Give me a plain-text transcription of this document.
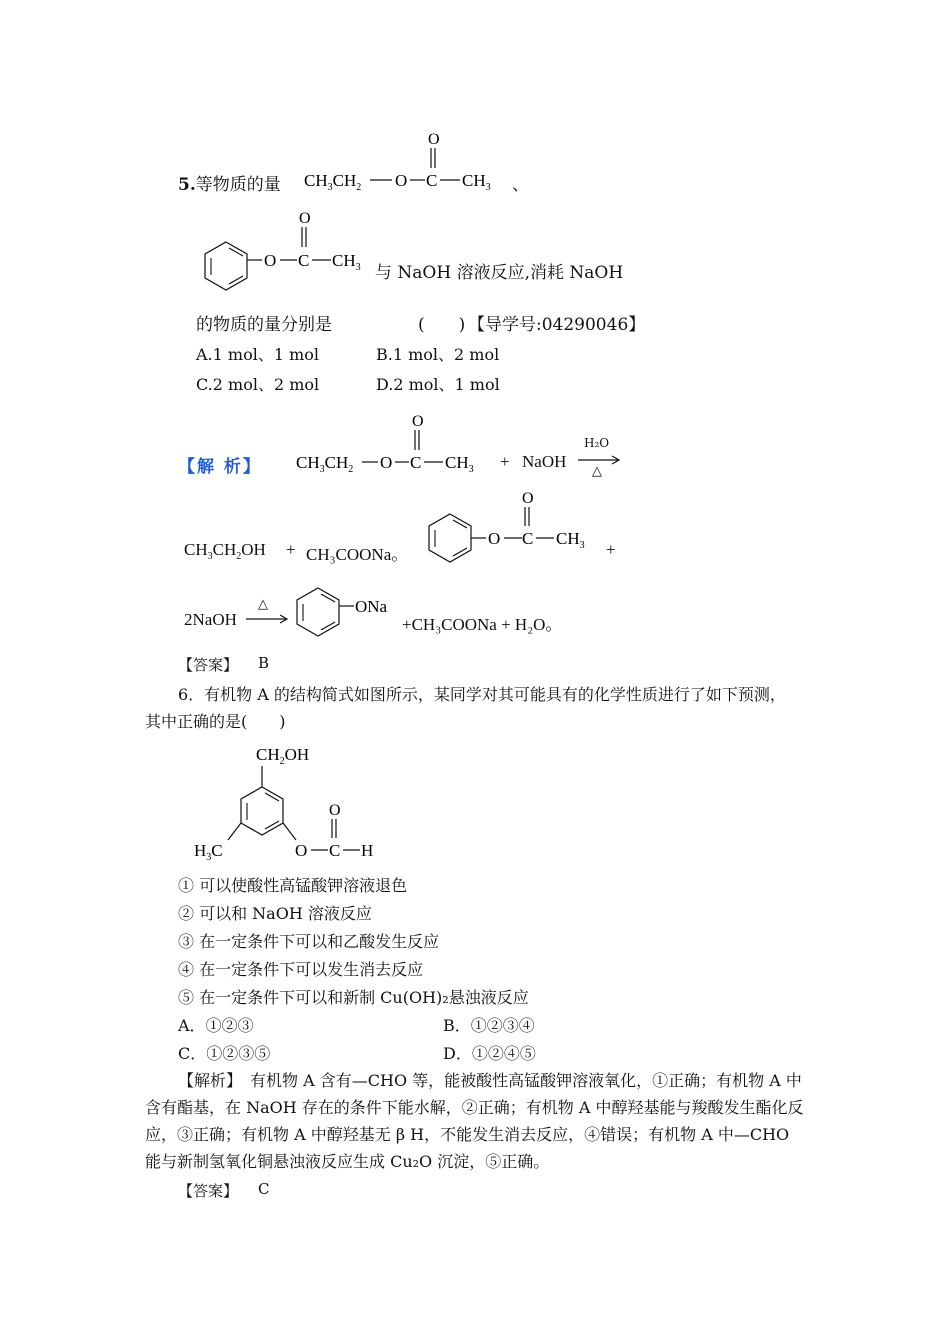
5.等物质的量
O
$CH_3CH_2$ O C $CH_3$ 、
O C
O
$CH_3$ 与 NaOH 溶液反应,消耗 NaOH
的物质的量分别是	(　　) 【导学号:04290046】
A.1 mol、1 mol	B.1 mol、2 mol
C.2 mol、2 mol	D.2 mol、1 mol
【解 析】
O
$CH_3CH_2$ O C $CH_3$ + NaOH
H₂O
△
$CH_3CH_2OH$ + CH₃COONa。
O C
O
$CH_3$ +
2NaOH
△	ONa
+CH₃COONa + H₂O。
【答案】 B
6．有机物 A 的结构简式如图所示，某同学对其可能具有的化学性质进行了如下预测，
其中正确的是(　　)
$CH_2OH$
$H_3C$	O C
O
H
① 可以使酸性高锰酸钾溶液退色
② 可以和 NaOH 溶液反应
③ 在一定条件下可以和乙酸发生反应
④ 在一定条件下可以发生消去反应
⑤ 在一定条件下可以和新制 Cu(OH)₂悬浊液反应
A．①②③	B．①②③④
C．①②③⑤	D．①②④⑤
【解析】　 有机物 A 含有—CHO 等，能被酸性高锰酸钾溶液氧化，①正确；有机物 A 中含有酯基，在 NaOH 存在的条件下能水解，②正确；有机物 A 中醇羟基能与羧酸发生酯化反应，③正确；有机物 A 中醇羟基无 β H，不能发生消去反应，④错误；有机物 A 中—CHO 能与新制氢氧化铜悬浊液反应生成 Cu₂O 沉淀，⑤正确。
【答案】 C
